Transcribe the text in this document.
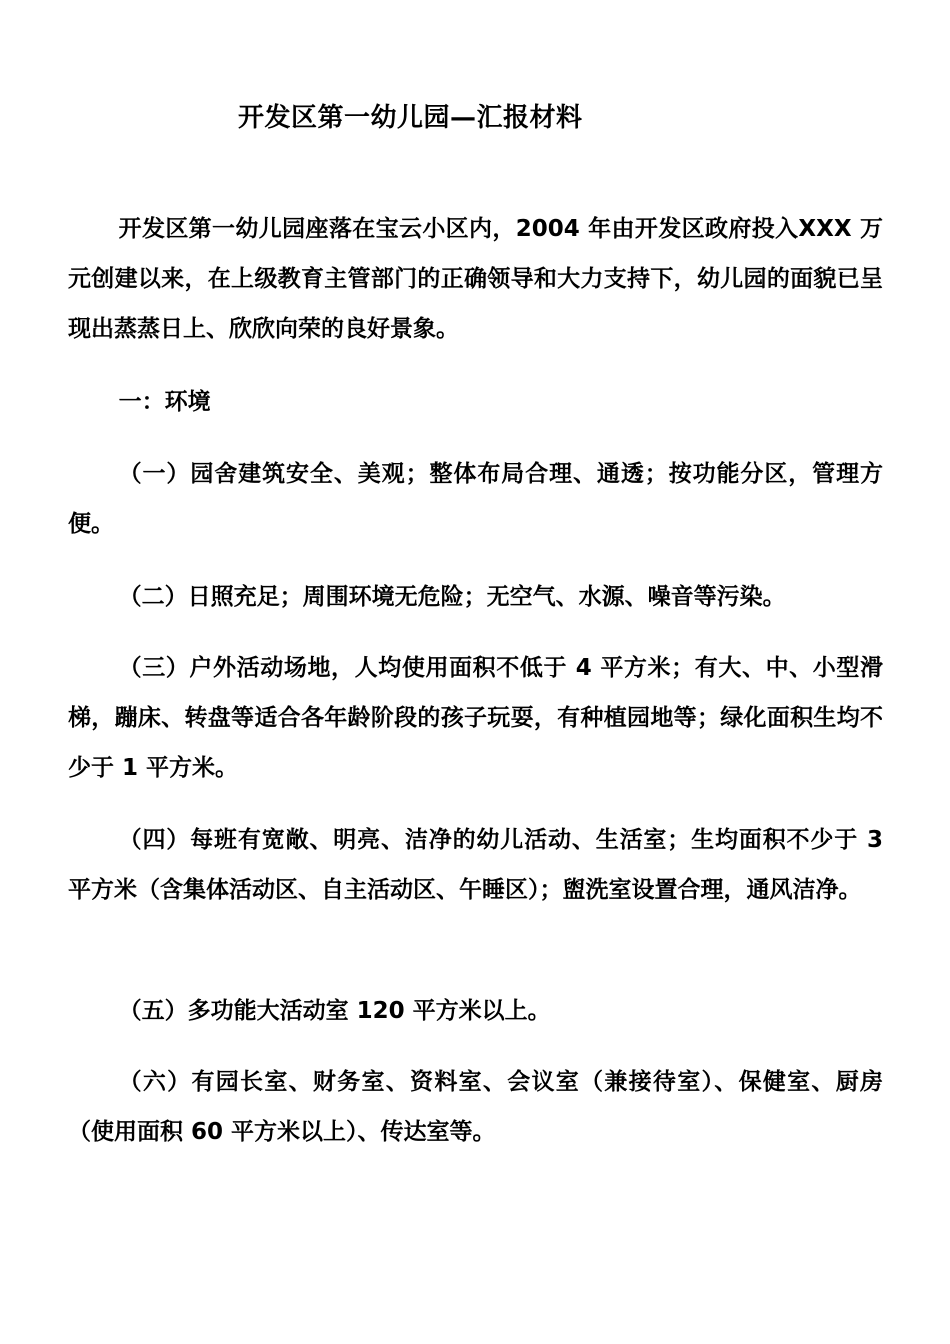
开发区第一幼儿园—汇报材料

开发区第一幼儿园座落在宝云小区内，2004 年由开发区政府投入XXX 万元创建以来，在上级教育主管部门的正确领导和大力支持下，幼儿园的面貌已呈现出蒸蒸日上、欣欣向荣的良好景象。

一：环境

（一）园舍建筑安全、美观；整体布局合理、通透；按功能分区，管理方便。

（二）日照充足；周围环境无危险；无空气、水源、噪音等污染。

（三）户外活动场地，人均使用面积不低于 4 平方米；有大、中、小型滑梯，蹦床、转盘等适合各年龄阶段的孩子玩耍，有种植园地等；绿化面积生均不少于 1 平方米。

（四）每班有宽敞、明亮、洁净的幼儿活动、生活室；生均面积不少于 3 平方米（含集体活动区、自主活动区、午睡区）；盥洗室设置合理，通风洁净。

（五）多功能大活动室 120 平方米以上。

（六）有园长室、财务室、资料室、会议室（兼接待室）、保健室、厨房（使用面积 60 平方米以上）、传达室等。
